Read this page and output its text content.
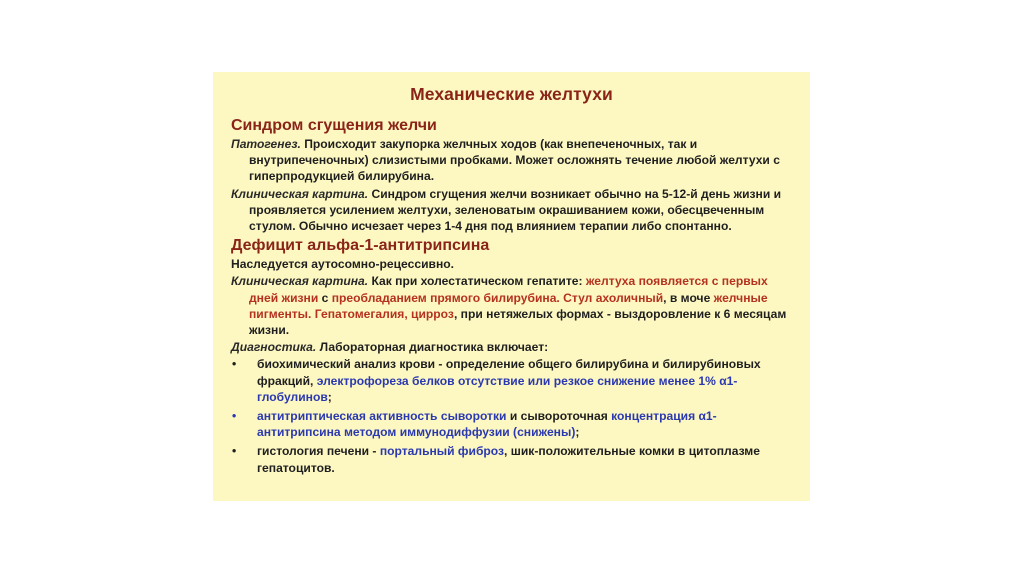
Механические желтухи
Синдром сгущения желчи
Патогенез. Происходит закупорка желчных ходов (как внепеченочных, так и внутрипеченочных) слизистыми пробками. Может осложнять течение любой желтухи с гиперпродукцией билирубина.
Клиническая картина. Синдром сгущения желчи возникает обычно на 5-12-й день жизни и проявляется усилением желтухи, зеленоватым окрашиванием кожи, обесцвеченным стулом. Обычно исчезает через 1-4 дня под влиянием терапии либо спонтанно.
Дефицит альфа-1-антитрипсина
Наследуется аутосомно-рецессивно.
Клиническая картина. Как при холестатическом гепатите: желтуха появляется с первых дней жизни с преобладанием прямого билирубина. Стул ахоличный, в моче желчные пигменты. Гепатомегалия, цирроз, при нетяжелых формах - выздоровление к 6 месяцам жизни.
Диагностика. Лабораторная диагностика включает:
• биохимический анализ крови - определение общего билирубина и билирубиновых фракций, электрофореза белков отсутствие или резкое снижение менее 1% α1-глобулинов;
• антитриптическая активность сыворотки и сывороточная концентрация α1-антитрипсина методом иммунодиффузии (снижены);
• гистология печени - портальный фиброз, шик-положительные комки в цитоплазме гепатоцитов.
